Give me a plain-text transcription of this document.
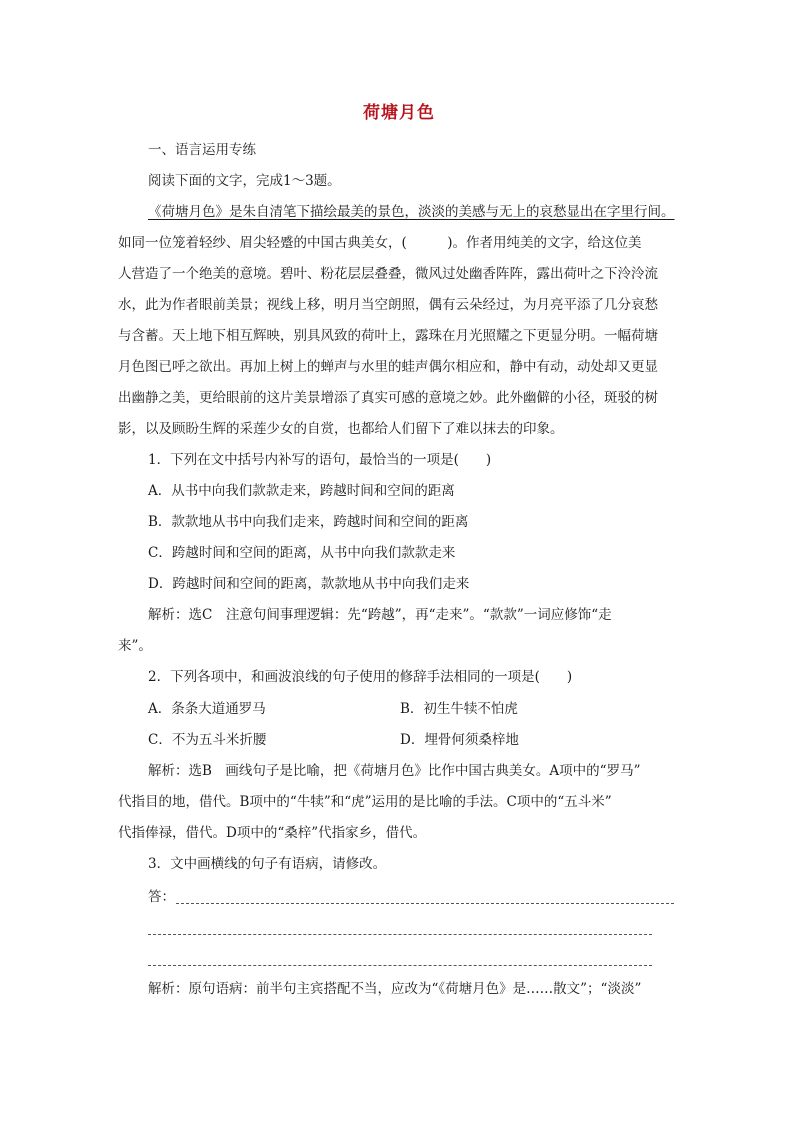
荷塘月色
一、语言运用专练
阅读下面的文字，完成1～3题。
《荷塘月色》是朱自清笔下描绘最美的景色，淡淡的美感与无上的哀愁显出在字里行间。
如同一位笼着轻纱、眉尖轻蹙的中国古典美女，(　　　)。作者用纯美的文字，给这位美
人营造了一个绝美的意境。碧叶、粉花层层叠叠，微风过处幽香阵阵，露出荷叶之下泠泠流
水，此为作者眼前美景；视线上移，明月当空朗照，偶有云朵经过，为月亮平添了几分哀愁
与含蓄。天上地下相互辉映，别具风致的荷叶上，露珠在月光照耀之下更显分明。一幅荷塘
月色图已呼之欲出。再加上树上的蝉声与水里的蛙声偶尔相应和，静中有动，动处却又更显
出幽静之美，更给眼前的这片美景增添了真实可感的意境之妙。此外幽僻的小径，斑驳的树
影，以及顾盼生辉的采莲少女的自赏，也都给人们留下了难以抹去的印象。
1．下列在文中括号内补写的语句，最恰当的一项是(　　)
A．从书中向我们款款走来，跨越时间和空间的距离
B．款款地从书中向我们走来，跨越时间和空间的距离
C．跨越时间和空间的距离，从书中向我们款款走来
D．跨越时间和空间的距离，款款地从书中向我们走来
解析：选C　注意句间事理逻辑：先“跨越”，再“走来”。“款款”一词应修饰“走
来”。
2．下列各项中，和画波浪线的句子使用的修辞手法相同的一项是(　　)
A．条条大道通罗马	B．初生牛犊不怕虎
C．不为五斗米折腰	D．埋骨何须桑梓地
解析：选B　画线句子是比喻，把《荷塘月色》比作中国古典美女。A项中的“罗马”
代指目的地，借代。B项中的“牛犊”和“虎”运用的是比喻的手法。C项中的“五斗米”
代指俸禄，借代。D项中的“桑梓”代指家乡，借代。
3．文中画横线的句子有语病，请修改。
答：
解析：原句语病：前半句主宾搭配不当，应改为“《荷塘月色》是……散文”；“淡淡”
